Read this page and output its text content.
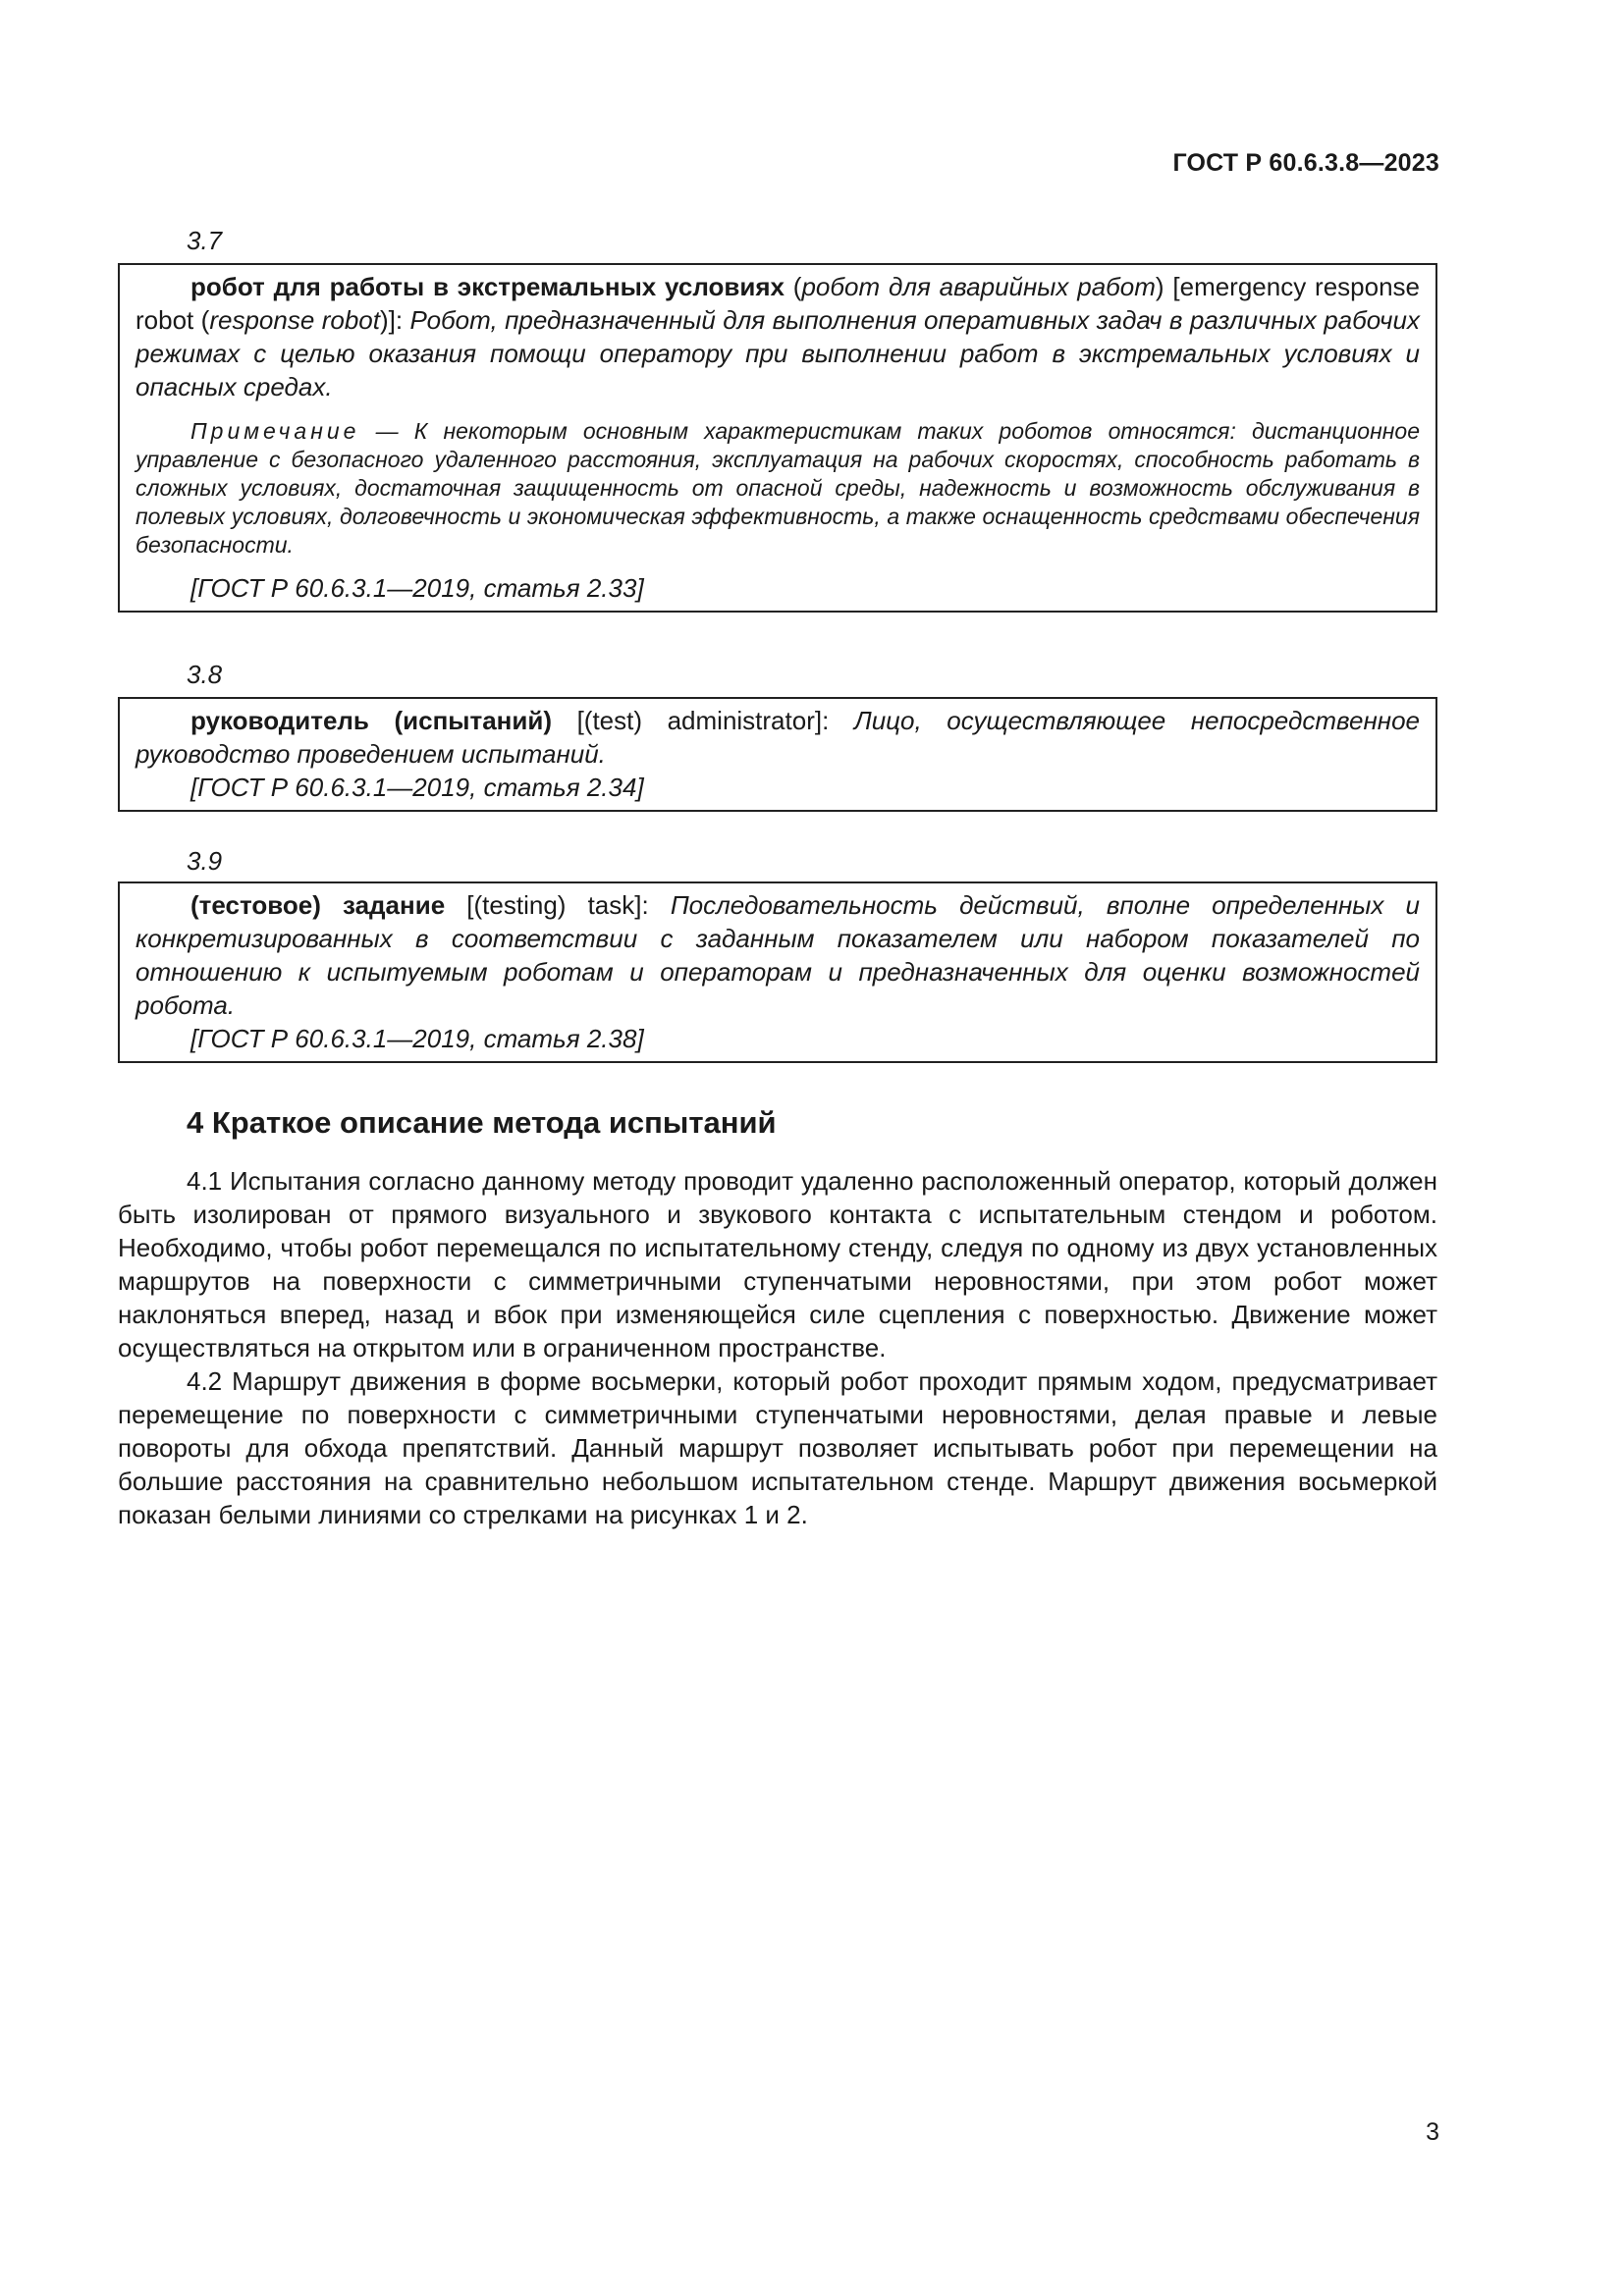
ГОСТ Р 60.6.3.8—2023
3.7

робот для работы в экстремальных условиях (робот для аварийных работ) [emergency response robot (response robot)]: Робот, предназначенный для выполнения оперативных задач в различных рабочих режимах с целью оказания помощи оператору при выполнении работ в экстремальных условиях и опасных средах.

Примечание — К некоторым основным характеристикам таких роботов относятся: дистанционное управление с безопасного удаленного расстояния, эксплуатация на рабочих скоростях, способность работать в сложных условиях, достаточная защищенность от опасной среды, надежность и возможность обслуживания в полевых условиях, долговечность и экономическая эффективность, а также оснащенность средствами обеспечения безопасности.

[ГОСТ Р 60.6.3.1—2019, статья 2.33]

3.8

руководитель (испытаний) [(test) administrator]: Лицо, осуществляющее непосредственное руководство проведением испытаний.

[ГОСТ Р 60.6.3.1—2019, статья 2.34]

3.9

(тестовое) задание [(testing) task]: Последовательность действий, вполне определенных и конкретизированных в соответствии с заданным показателем или набором показателей по отношению к испытуемым роботам и операторам и предназначенных для оценки возможностей робота.

[ГОСТ Р 60.6.3.1—2019, статья 2.38]

4 Краткое описание метода испытаний

4.1 Испытания согласно данному методу проводит удаленно расположенный оператор, который должен быть изолирован от прямого визуального и звукового контакта с испытательным стендом и роботом. Необходимо, чтобы робот перемещался по испытательному стенду, следуя по одному из двух установленных маршрутов на поверхности с симметричными ступенчатыми неровностями, при этом робот может наклоняться вперед, назад и вбок при изменяющейся силе сцепления с поверхностью. Движение может осуществляться на открытом или в ограниченном пространстве.

4.2 Маршрут движения в форме восьмерки, который робот проходит прямым ходом, предусматривает перемещение по поверхности с симметричными ступенчатыми неровностями, делая правые и левые повороты для обхода препятствий. Данный маршрут позволяет испытывать робот при перемещении на большие расстояния на сравнительно небольшом испытательном стенде. Маршрут движения восьмеркой показан белыми линиями со стрелками на рисунках 1 и 2.

3
